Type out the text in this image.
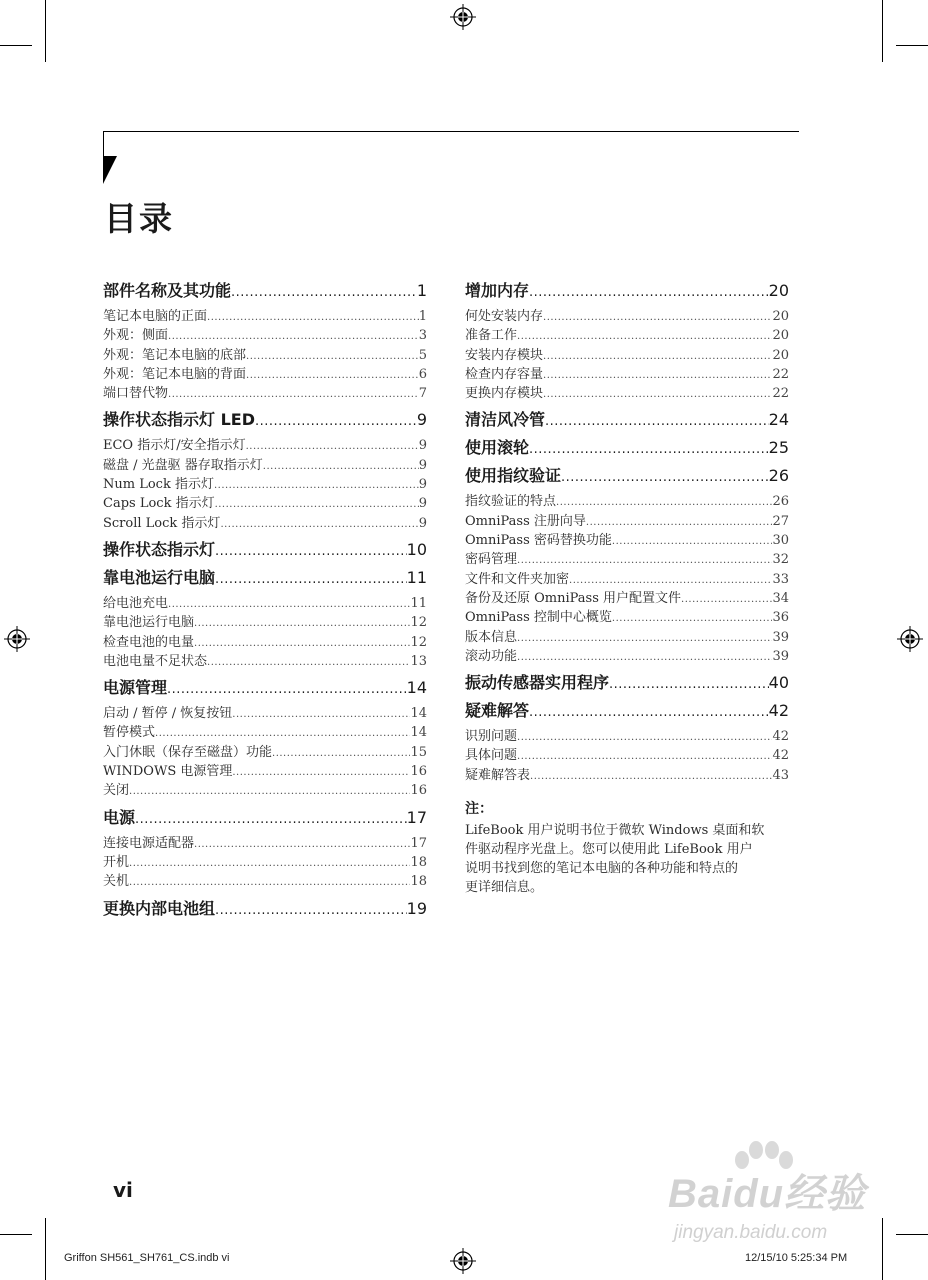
目录
部件名称及其功能 .....	1
笔记本电脑的正面 .....	1
外观：侧面 .....	3
外观：笔记本电脑的底部 .....	5
外观：笔记本电脑的背面 .....	6
端口替代物 .....	7
操作状态指示灯 LED .....	9
ECO 指示灯/安全指示灯 .....	9
磁盘 / 光盘驱 器存取指示灯 .....	9
Num Lock 指示灯 .....	9
Caps Lock 指示灯 .....	9
Scroll Lock 指示灯 .....	9
操作状态指示灯 .....	10
靠电池运行电脑 .....	11
给电池充电 .....	11
靠电池运行电脑 .....	12
检查电池的电量 .....	12
电池电量不足状态 .....	13
电源管理 .....	14
启动 / 暂停 / 恢复按钮 .....	14
暂停模式 .....	14
入门休眠（保存至磁盘）功能 .....	15
WINDOWS 电源管理 .....	16
关闭 .....	16
电源 .....	17
连接电源适配器 .....	17
开机 .....	18
关机 .....	18
更换内部电池组 .....	19
增加内存 .....	20
何处安装内存 .....	20
准备工作 .....	20
安装内存模块 .....	20
检查内存容量 .....	22
更换内存模块 .....	22
清洁风冷管 .....	24
使用滚轮 .....	25
使用指纹验证 .....	26
指纹验证的特点 .....	26
OmniPass 注册向导 .....	27
OmniPass 密码替换功能 .....	30
密码管理 .....	32
文件和文件夹加密 .....	33
备份及还原 OmniPass 用户配置文件 .....	34
OmniPass 控制中心概览 .....	36
版本信息 .....	39
滚动功能 .....	39
振动传感器实用程序 .....	40
疑难解答 .....	42
识别问题 .....	42
具体问题 .....	42
疑难解答表 .....	43
注：
LifeBook 用户说明书位于微软 Windows 桌面和软
件驱动程序光盘上。您可以使用此 LifeBook 用户
说明书找到您的笔记本电脑的各种功能和特点的
更详细信息。
vi
Griffon SH561_SH761_CS.indb vi	12/15/10 5:25:34 PM
Baidu经验
jingyan.baidu.com
